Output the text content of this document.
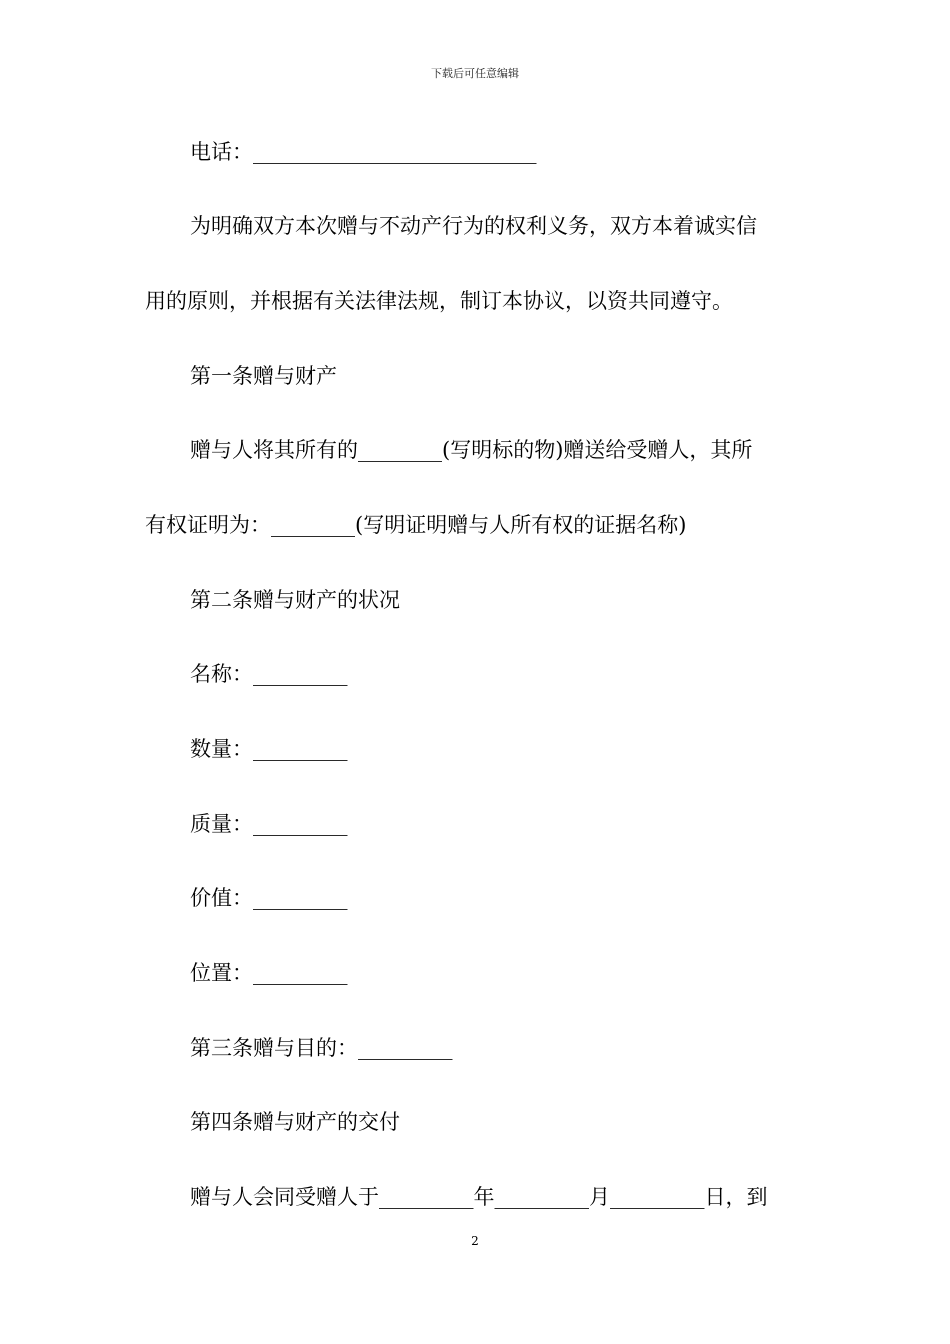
下载后可任意编辑
电话：___________________________
为明确双方本次赠与不动产行为的权利义务，双方本着诚实信
用的原则，并根据有关法律法规，制订本协议，以资共同遵守。
第一条赠与财产
赠与人将其所有的________(写明标的物)赠送给受赠人，其所
有权证明为：________(写明证明赠与人所有权的证据名称)
第二条赠与财产的状况
名称：_________
数量：_________
质量：_________
价值：_________
位置：_________
第三条赠与目的：_________
第四条赠与财产的交付
赠与人会同受赠人于_________年_________月_________日，到
2
